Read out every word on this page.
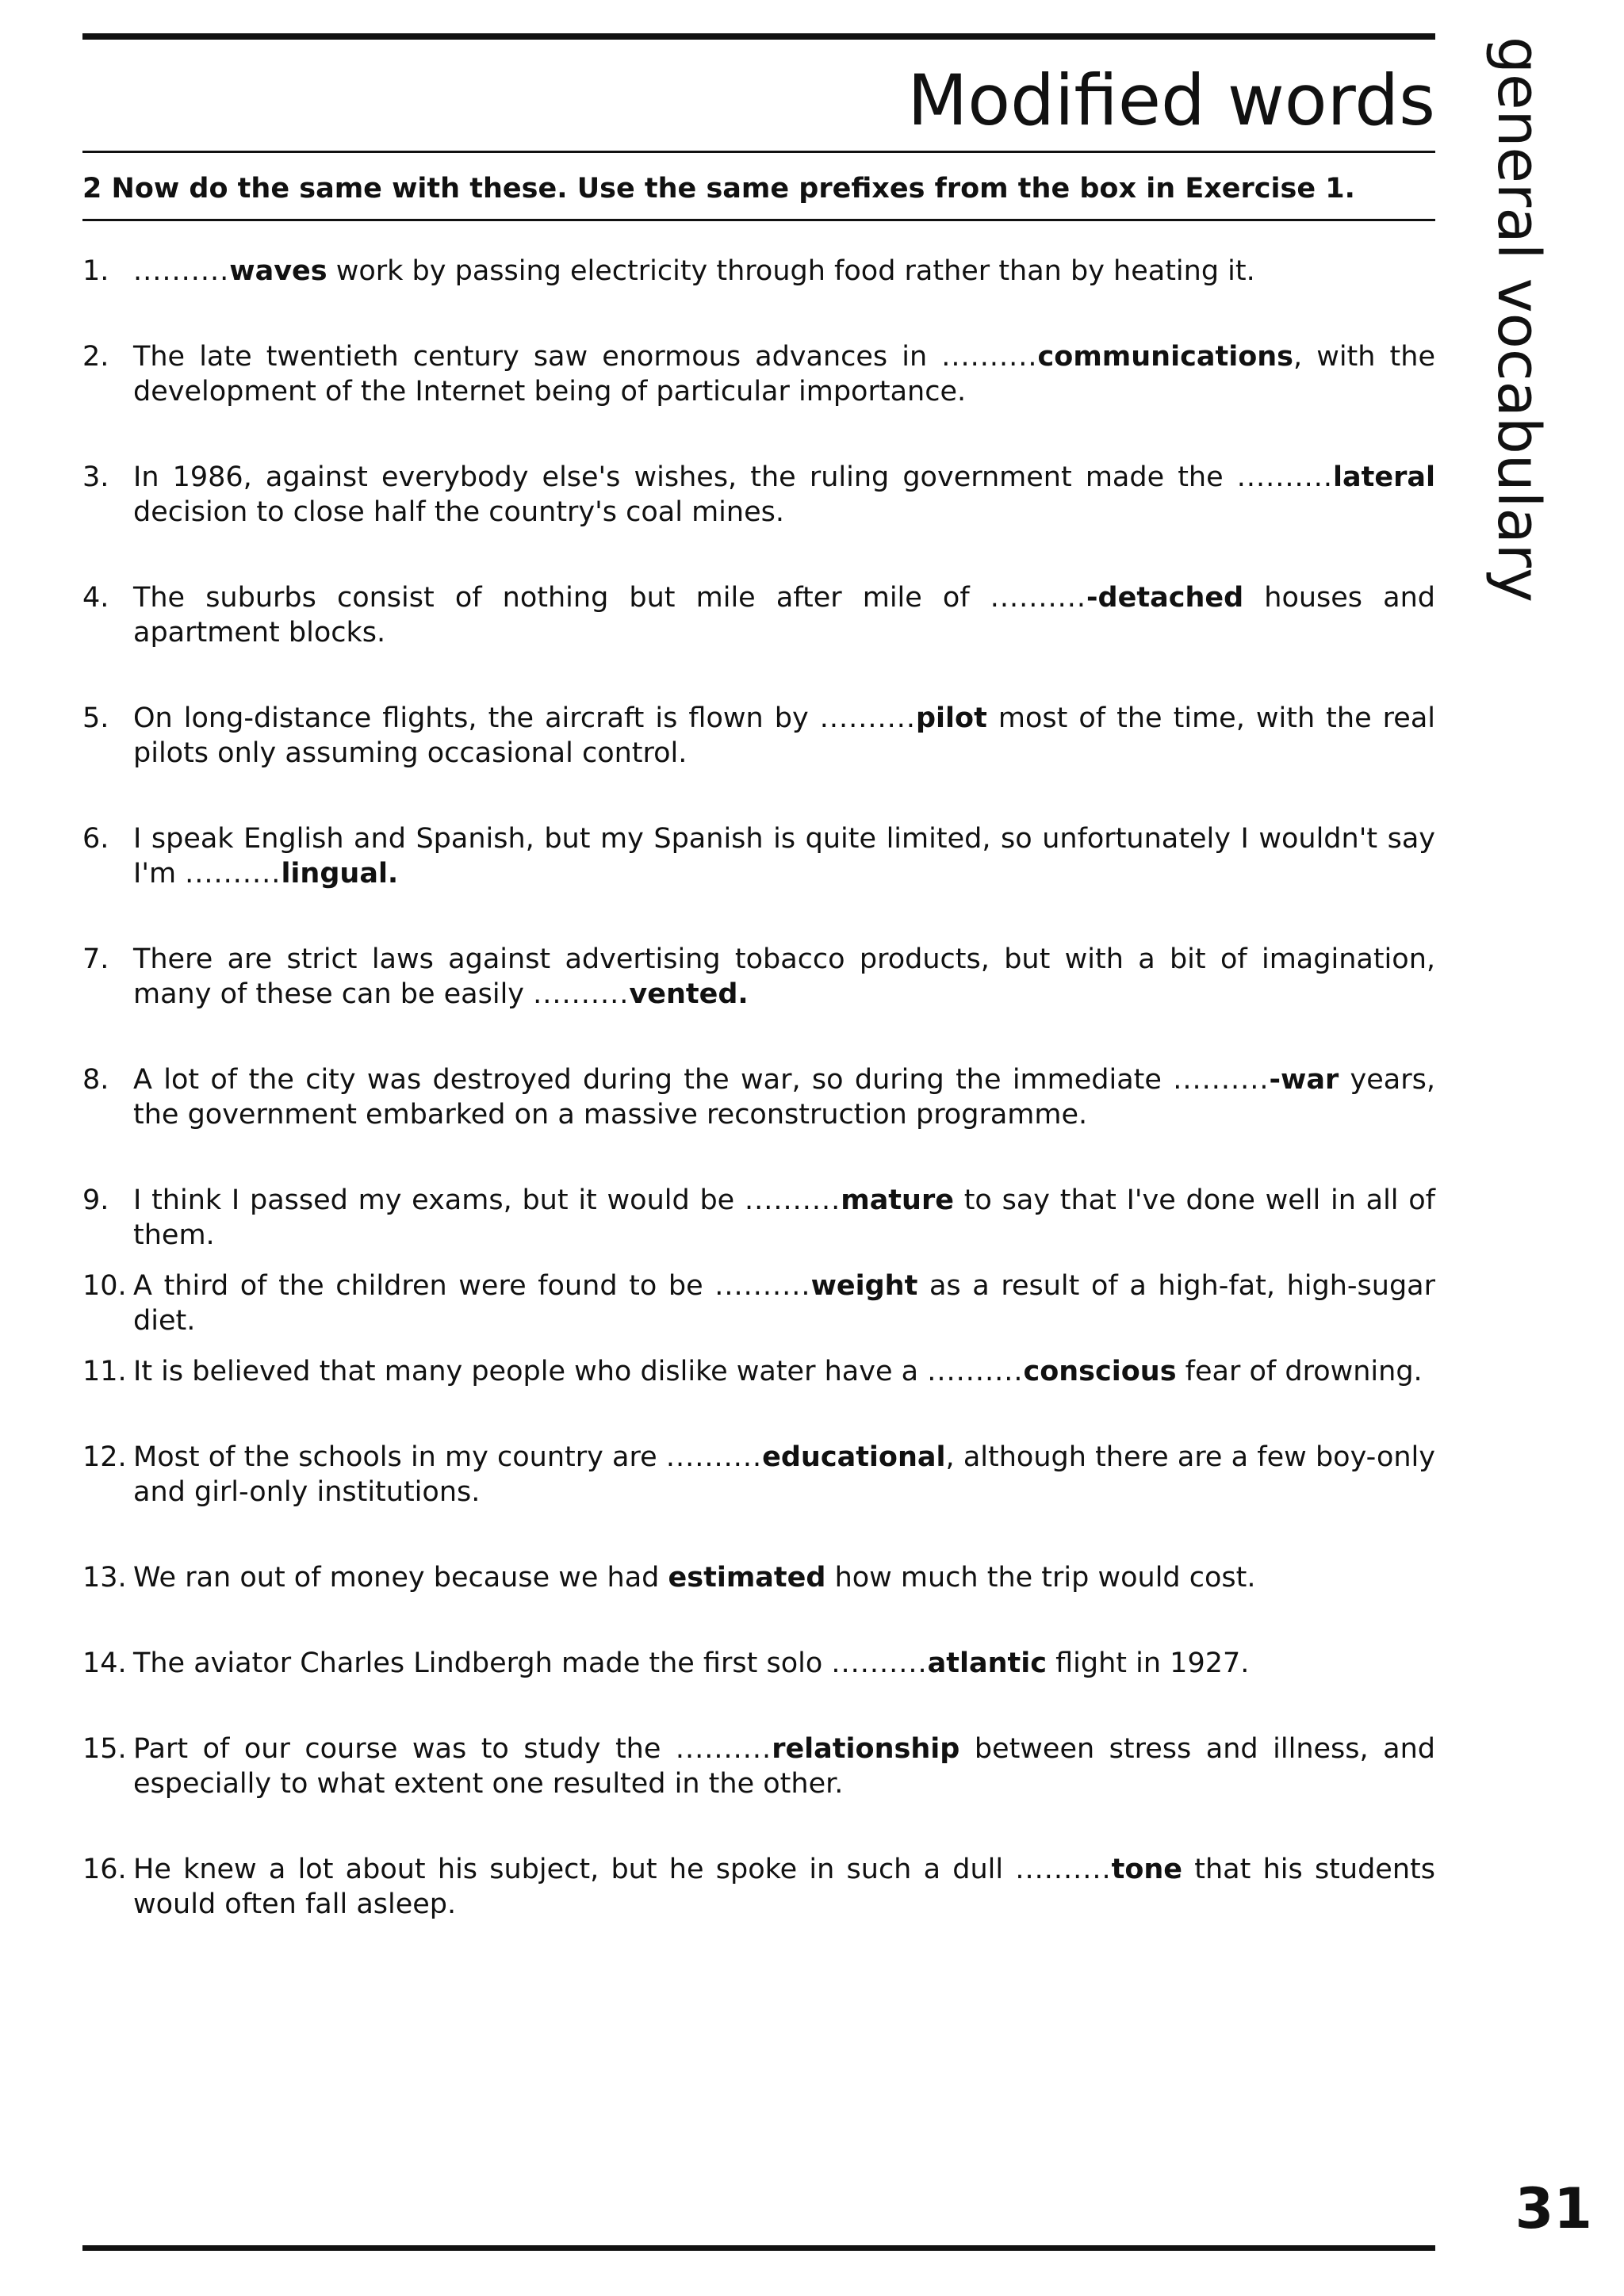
Modified words
2 Now do the same with these. Use the same prefixes from the box in Exercise 1.	general vocabulary
1. ..........waves work by passing electricity through food rather than by heating it.
2. The late twentieth century saw enormous advances in ..........communications, with the development of the Internet being of particular importance.
3. In 1986, against everybody else's wishes, the ruling government made the ..........lateral decision to close half the country's coal mines.
4. The suburbs consist of nothing but mile after mile of ..........-detached houses and apartment blocks.
5. On long-distance flights, the aircraft is flown by ..........pilot most of the time, with the real pilots only assuming occasional control.
6. I speak English and Spanish, but my Spanish is quite limited, so unfortunately I wouldn't say I'm ..........lingual.
7. There are strict laws against advertising tobacco products, but with a bit of imagination, many of these can be easily ..........vented.
8. A lot of the city was destroyed during the war, so during the immediate ..........-war years, the government embarked on a massive reconstruction programme.
9. I think I passed my exams, but it would be ..........mature to say that I've done well in all of them.
10. A third of the children were found to be ..........weight as a result of a high-fat, high-sugar diet.
11. It is believed that many people who dislike water have a ..........conscious fear of drowning.
12. Most of the schools in my country are ..........educational, although there are a few boy-only and girl-only institutions.
13. We ran out of money because we had estimated how much the trip would cost.
14. The aviator Charles Lindbergh made the first solo ..........atlantic flight in 1927.
15. Part of our course was to study the ..........relationship between stress and illness, and especially to what extent one resulted in the other.
16. He knew a lot about his subject, but he spoke in such a dull ..........tone that his students would often fall asleep.
31
